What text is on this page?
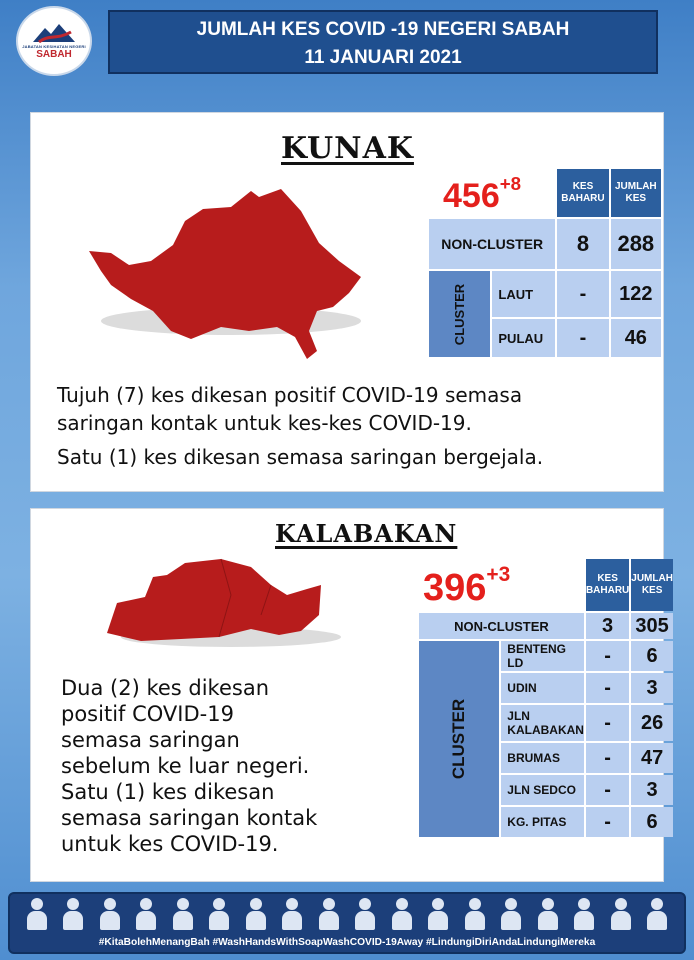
JABATAN KESIHATAN NEGERI
SABAH
JUMLAH KES COVID -19 NEGERI SABAH
11 JANUARI 2021
KUNAK
$456^{+8}$
		KES BAHARU	JUMLAH KES
NON-CLUSTER		8	288
CLUSTER	LAUT	-	122
	PULAU	-	46
Tujuh (7) kes dikesan positif COVID-19 semasa
saringan kontak untuk kes-kes COVID-19.
Satu (1) kes dikesan semasa saringan bergejala.
KALABAKAN
$396^{+3}$
		KES BAHARU	JUMLAH KES
NON-CLUSTER		3	305
CLUSTER	BENTENG LD	-	6
	UDIN	-	3
	JLN KALABAKAN	-	26
	BRUMAS	-	47
	JLN SEDCO	-	3
	KG. PITAS	-	6
Dua (2) kes dikesan
positif COVID-19
semasa saringan
sebelum ke luar negeri.
Satu (1) kes dikesan
semasa saringan kontak
untuk kes COVID-19.
#KitaBolehMenangBah #WashHandsWithSoapWashCOVID-19Away #LindungiDiriAndaLindungiMereka
